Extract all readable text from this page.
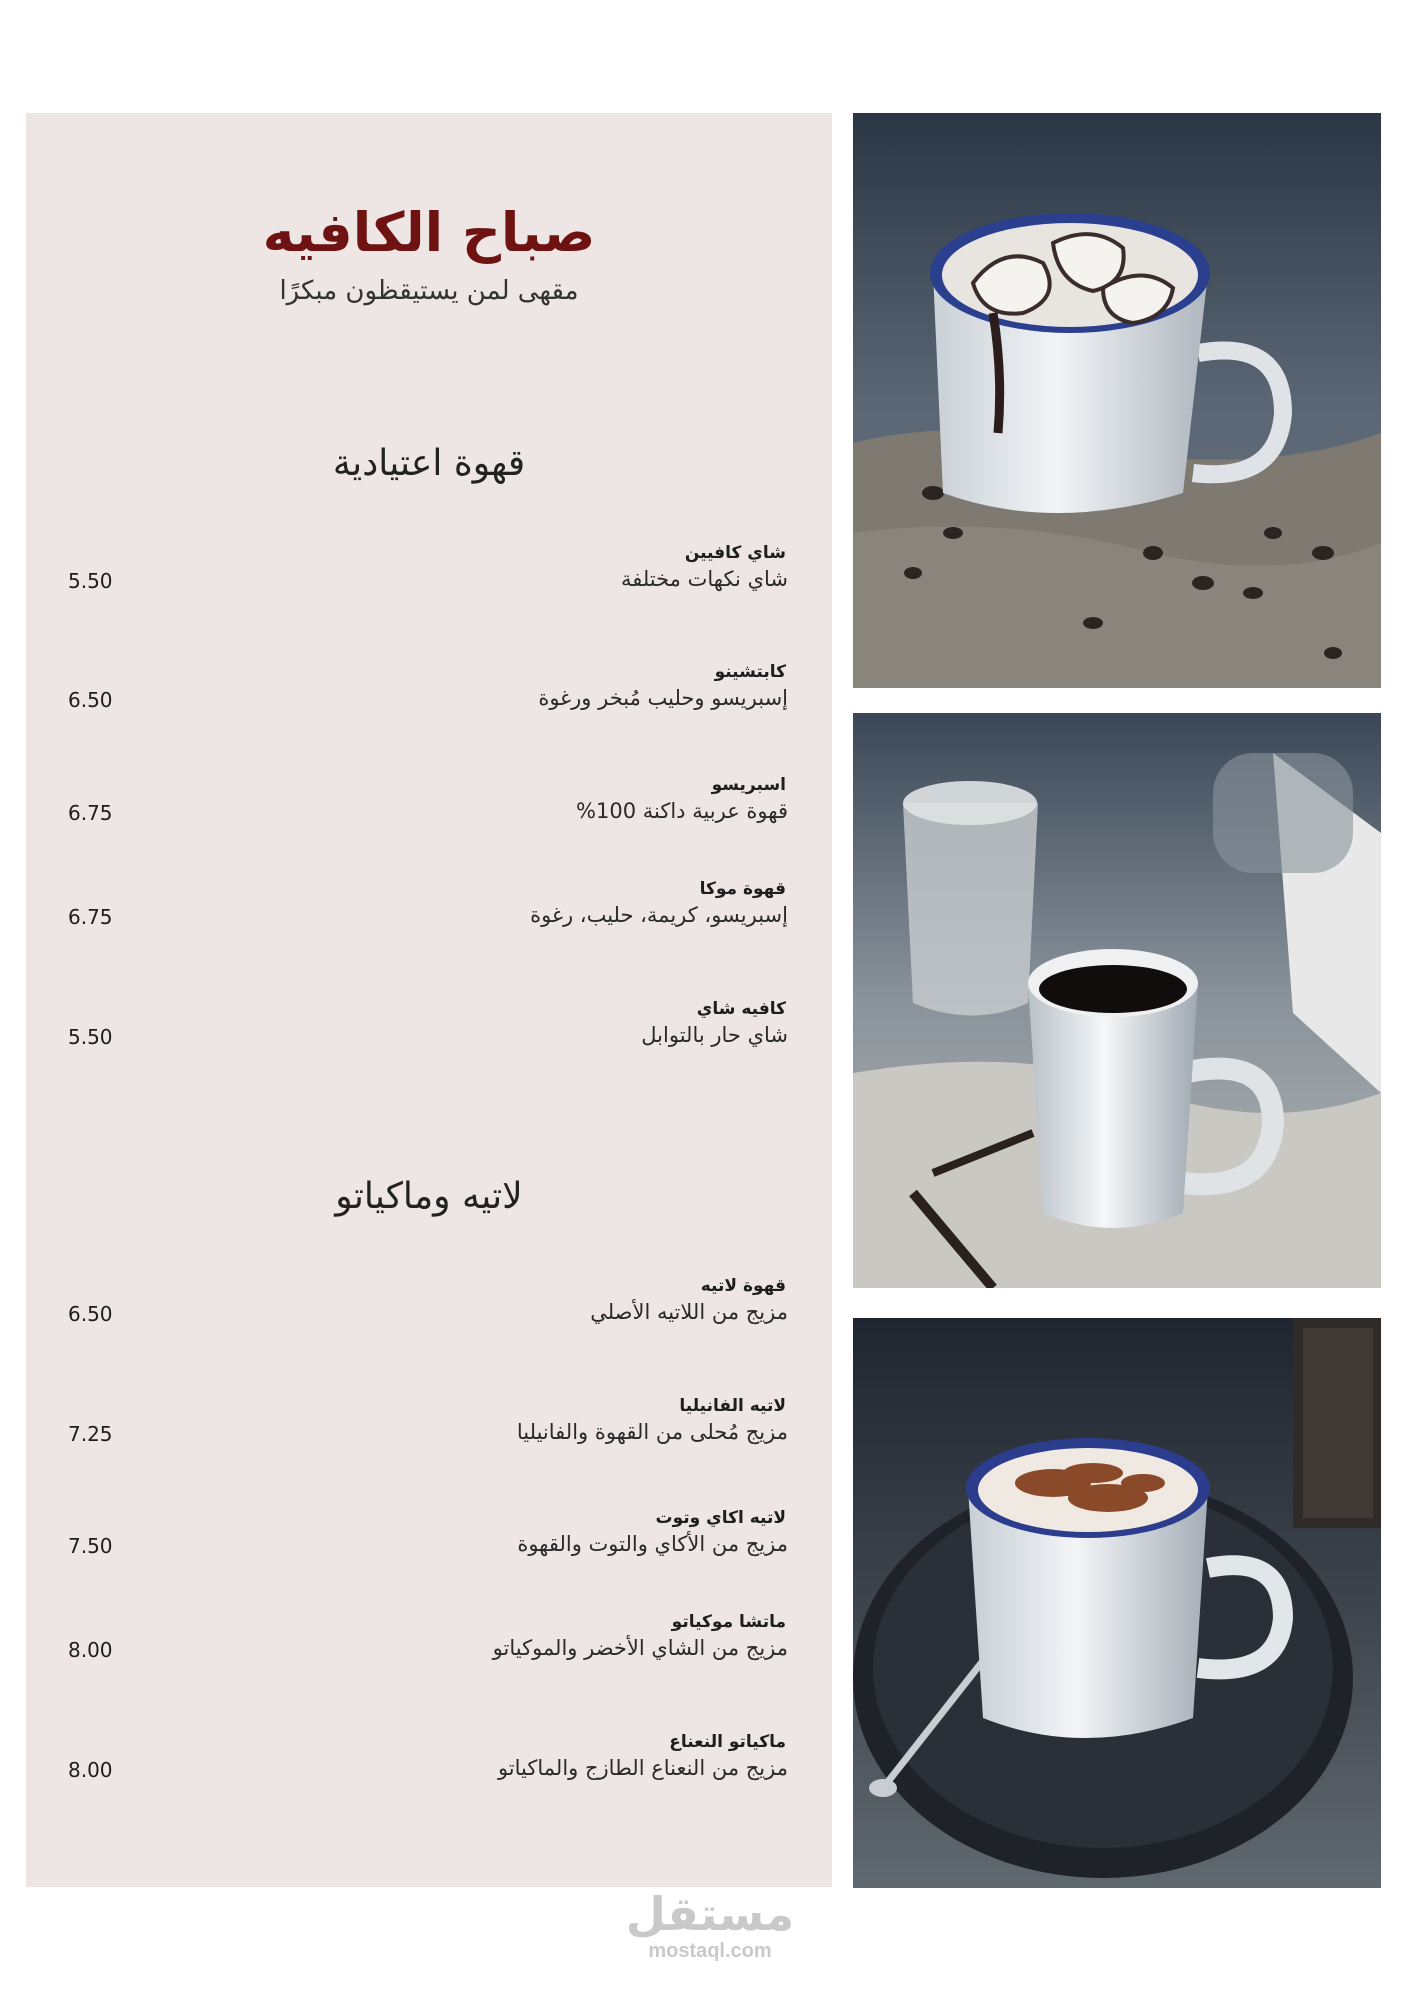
صباح الكافيه
مقهى لمن يستيقظون مبكرًا
قهوة اعتيادية
شاي كافيين
شاي نكهات مختلفة
5.50
كابتشينو
إسبريسو وحليب مُبخر ورغوة
6.50
اسبريسو
قهوة عربية داكنة 100%
6.75
قهوة موكا
إسبريسو، كريمة، حليب، رغوة
6.75
كافيه شاي
شاي حار بالتوابل
5.50
لاتيه وماكياتو
قهوة لاتيه
مزيج من اللاتيه الأصلي
6.50
لاتيه الفانيليا
مزيج مُحلى من القهوة والفانيليا
7.25
لاتيه اكاي وتوت
مزيج من الأكاي والتوت والقهوة
7.50
ماتشا موكياتو
مزيج من الشاي الأخضر والموكياتو
8.00
ماكياتو النعناع
مزيج من النعناع الطازج والماكياتو
8.00
مستقل
mostaql.com
